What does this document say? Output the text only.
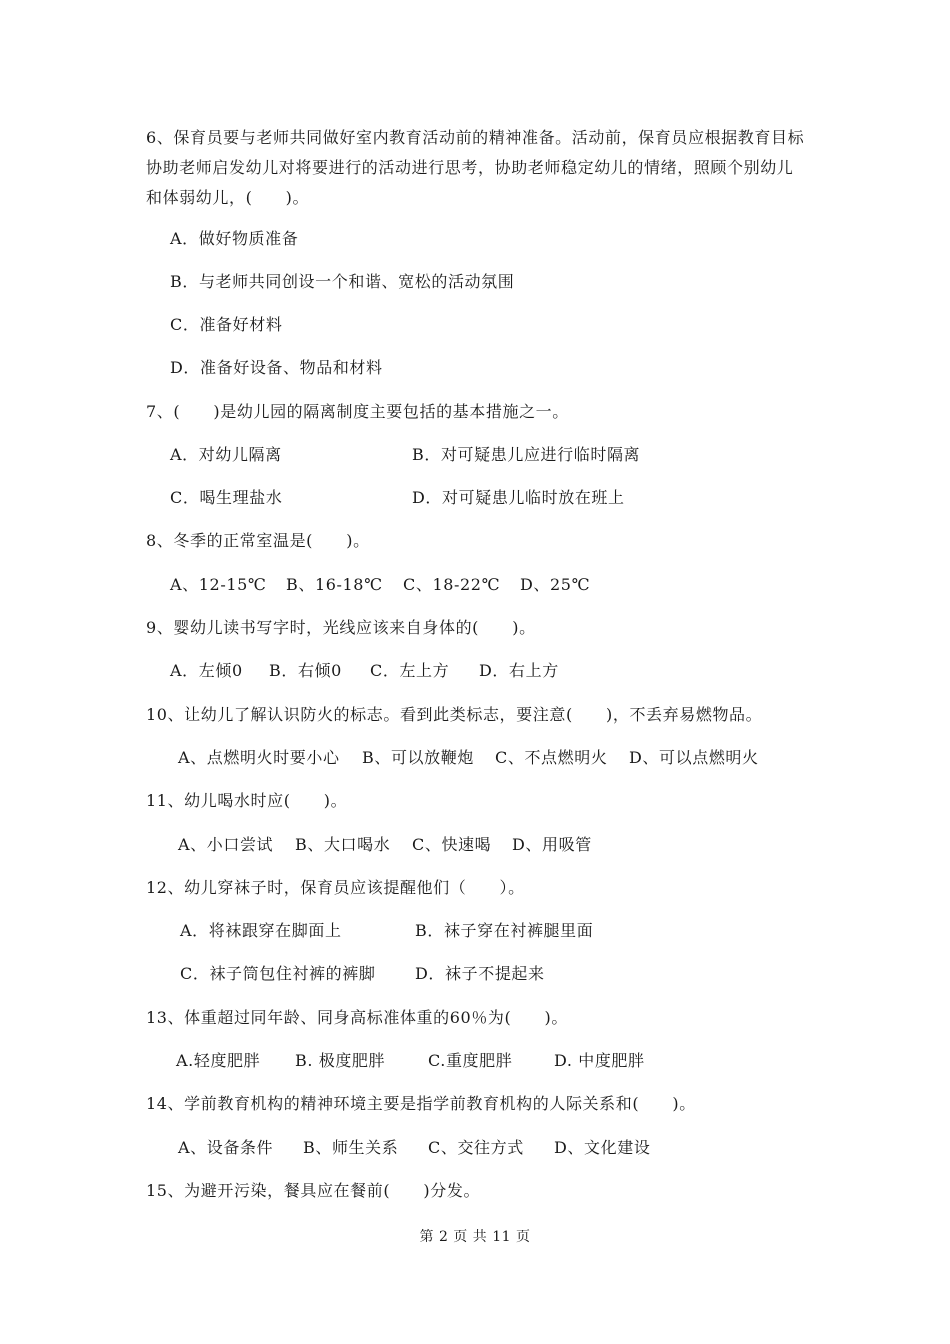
6、保育员要与老师共同做好室内教育活动前的精神准备。活动前，保育员应根据教育目标
协助老师启发幼儿对将要进行的活动进行思考，协助老师稳定幼儿的情绪，照顾个别幼儿
和体弱幼儿，(　　)。
A．做好物质准备
B．与老师共同创设一个和谐、宽松的活动氛围
C．准备好材料
D．准备好设备、物品和材料
7、(　　)是幼儿园的隔离制度主要包括的基本措施之一。
A．对幼儿隔离	B．对可疑患儿应进行临时隔离
C．喝生理盐水	D．对可疑患儿临时放在班上
8、冬季的正常室温是(　　)。
A、12-15℃ B、16-18℃ C、18-22℃ D、25℃
9、婴幼儿读书写字时，光线应该来自身体的(　　)。
A．左倾0 B．右倾0 C．左上方 D．右上方
10、让幼儿了解认识防火的标志。看到此类标志，要注意(　　)，不丢弃易燃物品。
A、点燃明火时要小心 B、可以放鞭炮 C、不点燃明火 D、可以点燃明火
11、幼儿喝水时应(　　)。
A、小口尝试 B、大口喝水 C、快速喝 D、用吸管
12、幼儿穿袜子时，保育员应该提醒他们（　　）。
A．将袜跟穿在脚面上	B．袜子穿在衬裤腿里面
C．袜子筒包住衬裤的裤脚 D．袜子不提起来
13、体重超过同年龄、同身高标准体重的60％为(　　)。
A.轻度肥胖 B. 极度肥胖	C.重度肥胖	D. 中度肥胖
14、学前教育机构的精神环境主要是指学前教育机构的人际关系和(　　)。
A、设备条件 B、师生关系 C、交往方式 D、文化建设
15、为避开污染，餐具应在餐前(　　)分发。
第 2 页 共 11 页
